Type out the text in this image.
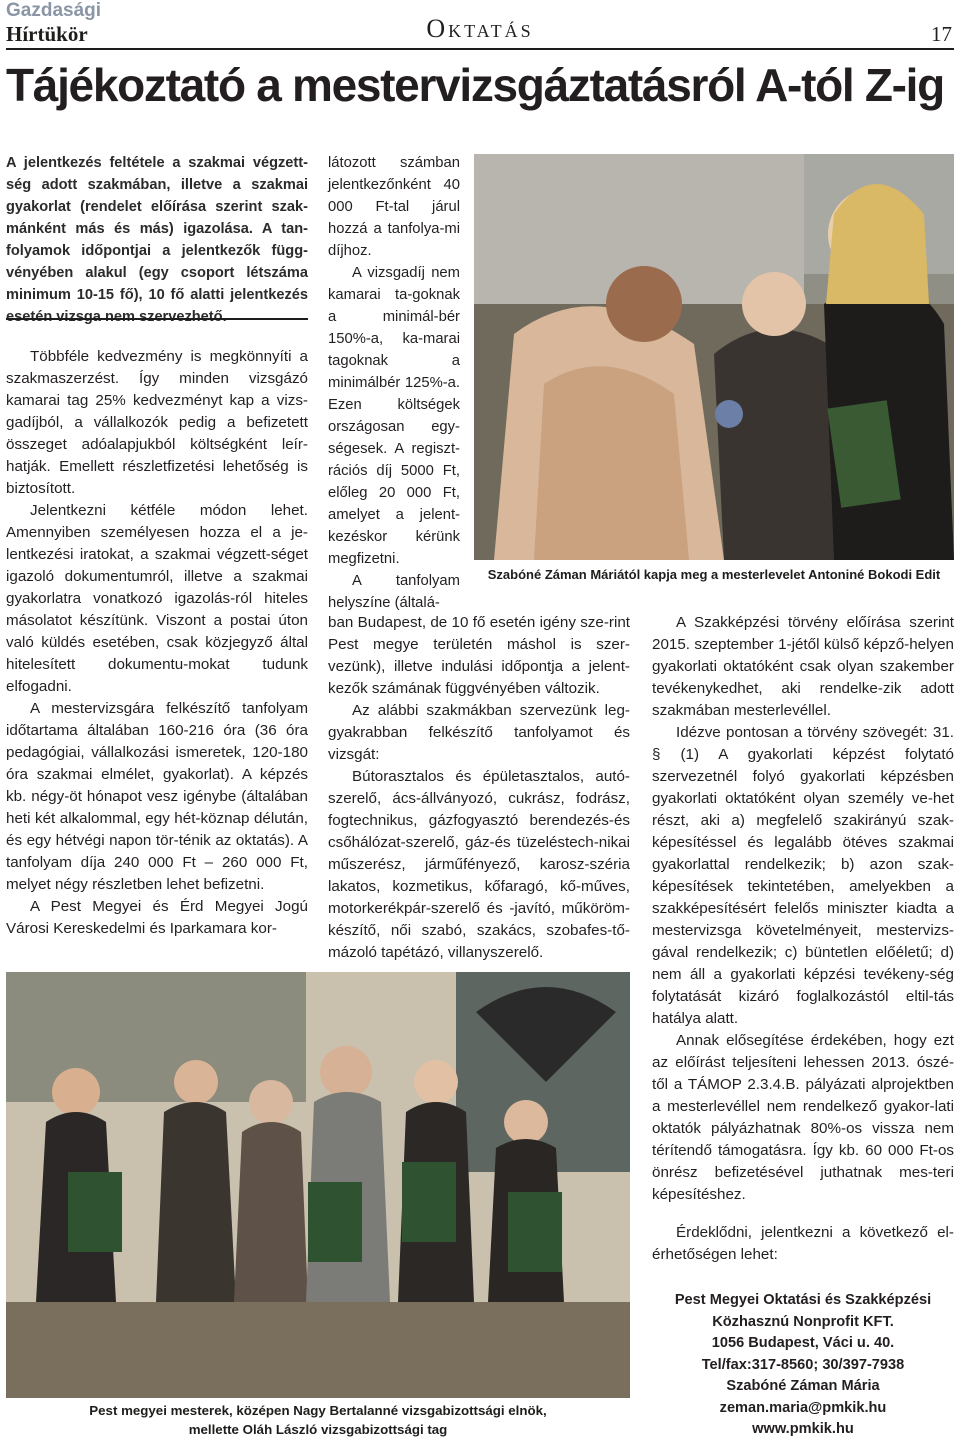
Gazdasági
Hírtükör	Oktatás	17
Tájékoztató a mestervizsgáztatásról A-tól Z-ig
A jelentkezés feltétele a szakmai végzett-ség adott szakmában, illetve a szakmai gyakorlat (rendelet előírása szerint szak-mánként más és más) igazolása. A tan-folyamok időpontjai a jelentkezők függ-vényében alakul (egy csoport létszáma minimum 10-15 fő), 10 fő alatti jelentkezés esetén vizsga nem szervezhető.

Többféle kedvezmény is megkönnyíti a szakmaszerzést. Így minden vizsgázó kamarai tag 25% kedvezményt kap a vizs-gadíjból, a vállalkozók pedig a befizetett összeget adóalapjukból költségként leír-hatják. Emellett részletfizetési lehetőség is biztosított.

Jelentkezni kétféle módon lehet. Amennyiben személyesen hozza el a je-lentkezési iratokat, a szakmai végzett-séget igazoló dokumentumról, illetve a szakmai gyakorlatra vonatkozó igazolás-ról hiteles másolatot készítünk. Viszont a postai úton való küldés esetében, csak közjegyző által hitelesített dokumentu-mokat tudunk elfogadni.

A mestervizsgára felkészítő tanfolyam időtartama általában 160-216 óra (36 óra pedagógiai, vállalkozási ismeretek, 120-180 óra szakmai elmélet, gyakorlat). A képzés kb. négy-öt hónapot vesz igénybe (általában heti két alkalommal, egy hét-köznap délután, és egy hétvégi napon tör-ténik az oktatás). A tanfolyam díja 240 000 Ft – 260 000 Ft, melyet négy részletben lehet befizetni.

A Pest Megyei és Érd Megyei Jogú Városi Kereskedelmi és Iparkamara kor-

látozott számban jelentkezőnként 40 000 Ft-tal járul hozzá a tanfolya-mi díjhoz.

A vizsgadíj nem kamarai ta-goknak a minimál-bér 150%-a, ka-marai tagoknak a minimálbér 125%-a. Ezen költségek országosan egy-ségesek. A regiszt-rációs díj 5000 Ft, előleg 20 000 Ft, amelyet a jelent-kezéskor kérünk megfizetni.

A tanfolyam helyszíne (általá-

ban Budapest, de 10 fő esetén igény sze-rint Pest megye területén máshol is szer-vezünk), illetve indulási időpontja a jelent-kezők számának függvényében változik.

Az alábbi szakmákban szervezünk leg-gyakrabban felkészítő tanfolyamot és vizsgát:

Bútorasztalos és épületasztalos, autó-szerelő, ács-állványozó, cukrász, fodrász, fogtechnikus, gázfogyasztó berendezés-és csőhálózat-szerelő, gáz-és tüzeléstech-nikai műszerész, járműfényező, karosz-széria lakatos, kozmetikus, kőfaragó, kő-műves, motorkerékpár-szerelő és -javító, műköröm-készítő, női szabó, szakács, szobafes-tő-mázoló tapétázó, villanyszerelő.

Szabóné Záman Máriától kapja meg a mesterlevelet Antoniné Bokodi Edit

A Szakképzési törvény előírása szerint 2015. szeptember 1-jétől külső képző-helyen gyakorlati oktatóként csak olyan szakember tevékenykedhet, aki rendelke-zik adott szakmában mesterlevéllel.

Idézve pontosan a törvény szövegét: 31. § (1) A gyakorlati képzést folytató szervezetnél folyó gyakorlati képzésben gyakorlati oktatóként olyan személy ve-het részt, aki a) megfelelő szakirányú szak-képesítéssel és legalább ötéves szakmai gyakorlattal rendelkezik; b) azon szak-képesítések tekintetében, amelyekben a szakképesítésért felelős miniszter kiadta a mestervizsga követelményeit, mestervizs-gával rendelkezik; c) büntetlen előéletű; d) nem áll a gyakorlati képzési tevékeny-ség folytatását kizáró foglalkozástól eltil-tás hatálya alatt.

Annak elősegítése érdekében, hogy ezt az előírást teljesíteni lehessen 2013. ószé-től a TÁMOP 2.3.4.B. pályázati alprojektben a mesterlevéllel nem rendelkező gyakor-lati oktatók pályázhatnak 80%-os vissza nem térítendő támogatásra. Így kb. 60 000 Ft-os önrész befizetésével juthatnak mes-teri képesítéshez.

Érdeklődni, jelentkezni a következő el-érhetőségen lehet:

Pest megyei mesterek, középen Nagy Bertalanné vizsgabizottsági elnök,
mellette Oláh László vizsgabizottsági tag
Pest Megyei Oktatási és Szakképzési
Közhasznú Nonprofit KFT.
1056 Budapest, Váci u. 40.
Tel/fax:317-8560; 30/397-7938
Szabóné Záman Mária
zeman.maria@pmkik.hu
www.pmkik.hu
